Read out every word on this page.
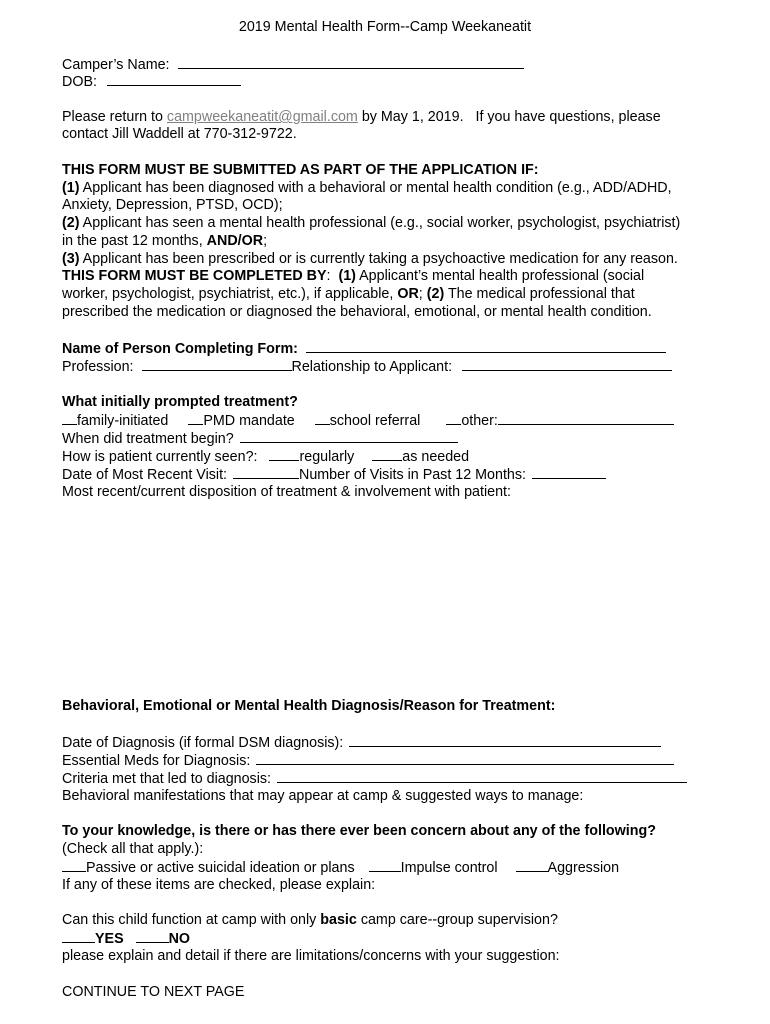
2019 Mental Health Form--Camp Weekaneatit
Camper’s Name:
DOB:
Please return to campweekaneatit@gmail.com by May 1, 2019.   If you have questions, please
contact Jill Waddell at 770-312-9722.
THIS FORM MUST BE SUBMITTED AS PART OF THE APPLICATION IF:
(1) Applicant has been diagnosed with a behavioral or mental health condition (e.g., ADD/ADHD,
Anxiety, Depression, PTSD, OCD);
(2) Applicant has seen a mental health professional (e.g., social worker, psychologist, psychiatrist)
in the past 12 months, AND/OR;
(3) Applicant has been prescribed or is currently taking a psychoactive medication for any reason.
THIS FORM MUST BE COMPLETED BY: (1) Applicant’s mental health professional (social
worker, psychologist, psychiatrist, etc.), if applicable, OR; (2) The medical professional that
prescribed the medication or diagnosed the behavioral, emotional, or mental health condition.
Name of Person Completing Form:
Profession:	Relationship to Applicant:
What initially prompted treatment?
family-initiated PMD mandate school referral	other:
When did treatment begin?
How is patient currently seen?:	regularly	as needed
Date of Most Recent Visit:	Number of Visits in Past 12 Months:
Most recent/current disposition of treatment & involvement with patient:
Behavioral, Emotional or Mental Health Diagnosis/Reason for Treatment:
Date of Diagnosis (if formal DSM diagnosis):
Essential Meds for Diagnosis:
Criteria met that led to diagnosis:
Behavioral manifestations that may appear at camp & suggested ways to manage:
To your knowledge, is there or has there ever been concern about any of the following?
(Check all that apply.):
Passive or active suicidal ideation or plans	Impulse control	Aggression
If any of these items are checked, please explain:
Can this child function at camp with only basic camp care--group supervision?
YES	NO
please explain and detail if there are limitations/concerns with your suggestion:
CONTINUE TO NEXT PAGE
